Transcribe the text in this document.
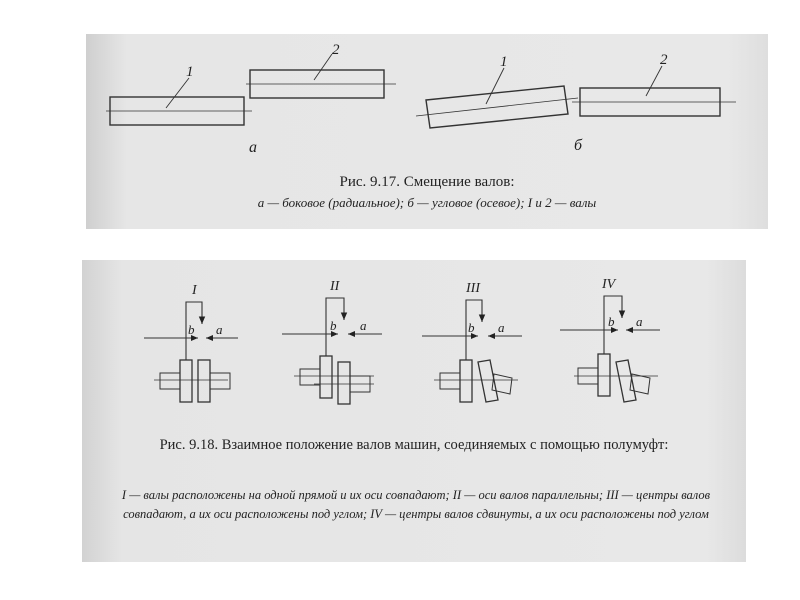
1
2
а
1	2
б
Рис. 9.17. Смещение валов:
а — боковое (радиальное); б — угловое (осевое); I и 2 — валы
I
b a
II
b a
III
b a
IV
b a
Рис. 9.18. Взаимное положение валов машин, соединяемых с помощью полумуфт:
I — валы расположены на одной прямой и их оси совпадают; II — оси валов параллельны; III — центры валов совпадают, а их оси расположены под углом; IV — центры валов сдвинуты, а их оси расположены под углом
